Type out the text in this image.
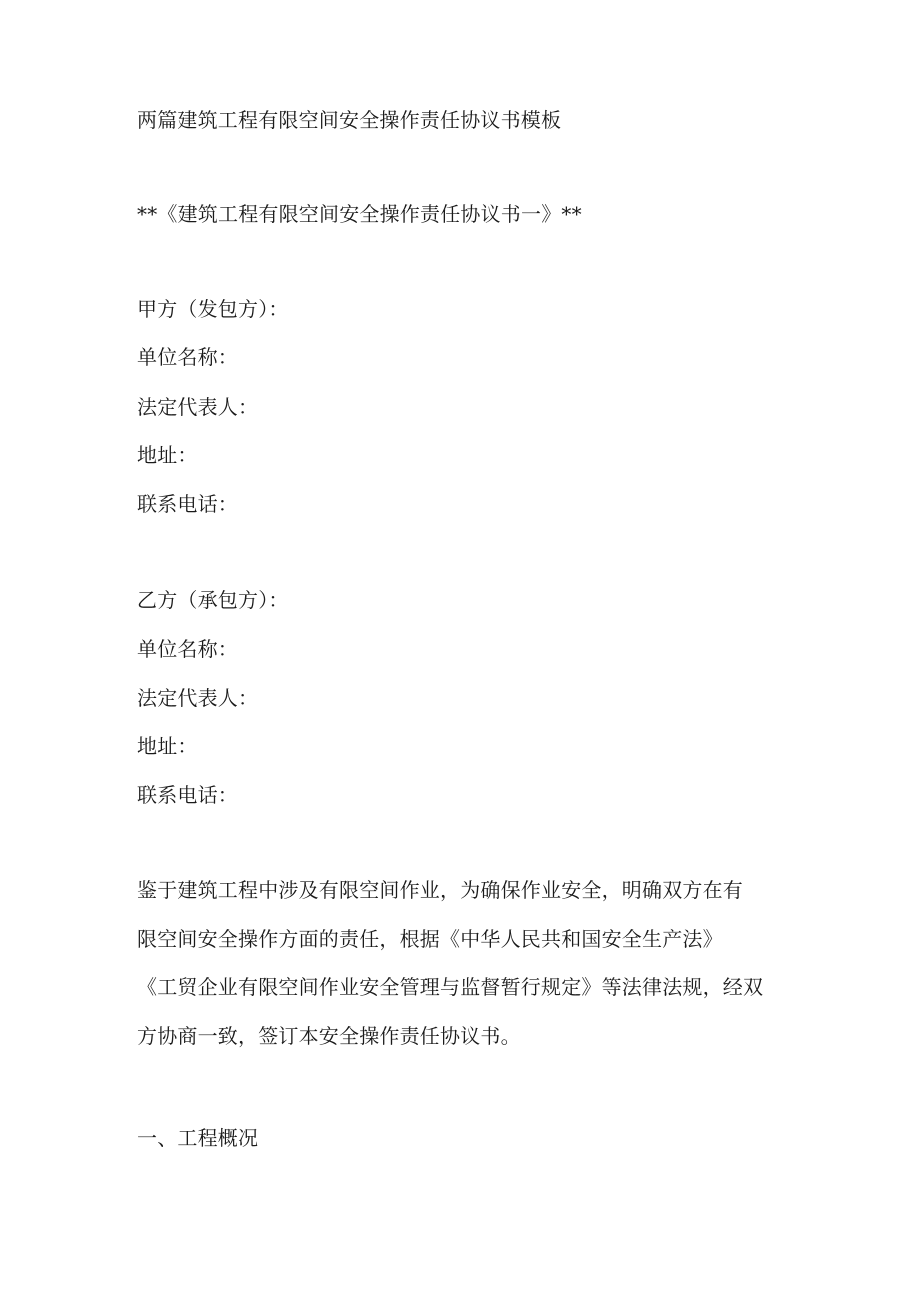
两篇建筑工程有限空间安全操作责任协议书模板
**《建筑工程有限空间安全操作责任协议书一》**
甲方（发包方）：
单位名称：
法定代表人：
地址：
联系电话：
乙方（承包方）：
单位名称：
法定代表人：
地址：
联系电话：
鉴于建筑工程中涉及有限空间作业，为确保作业安全，明确双方在有
限空间安全操作方面的责任，根据《中华人民共和国安全生产法》
《工贸企业有限空间作业安全管理与监督暂行规定》等法律法规，经双
方协商一致，签订本安全操作责任协议书。
一、工程概况
